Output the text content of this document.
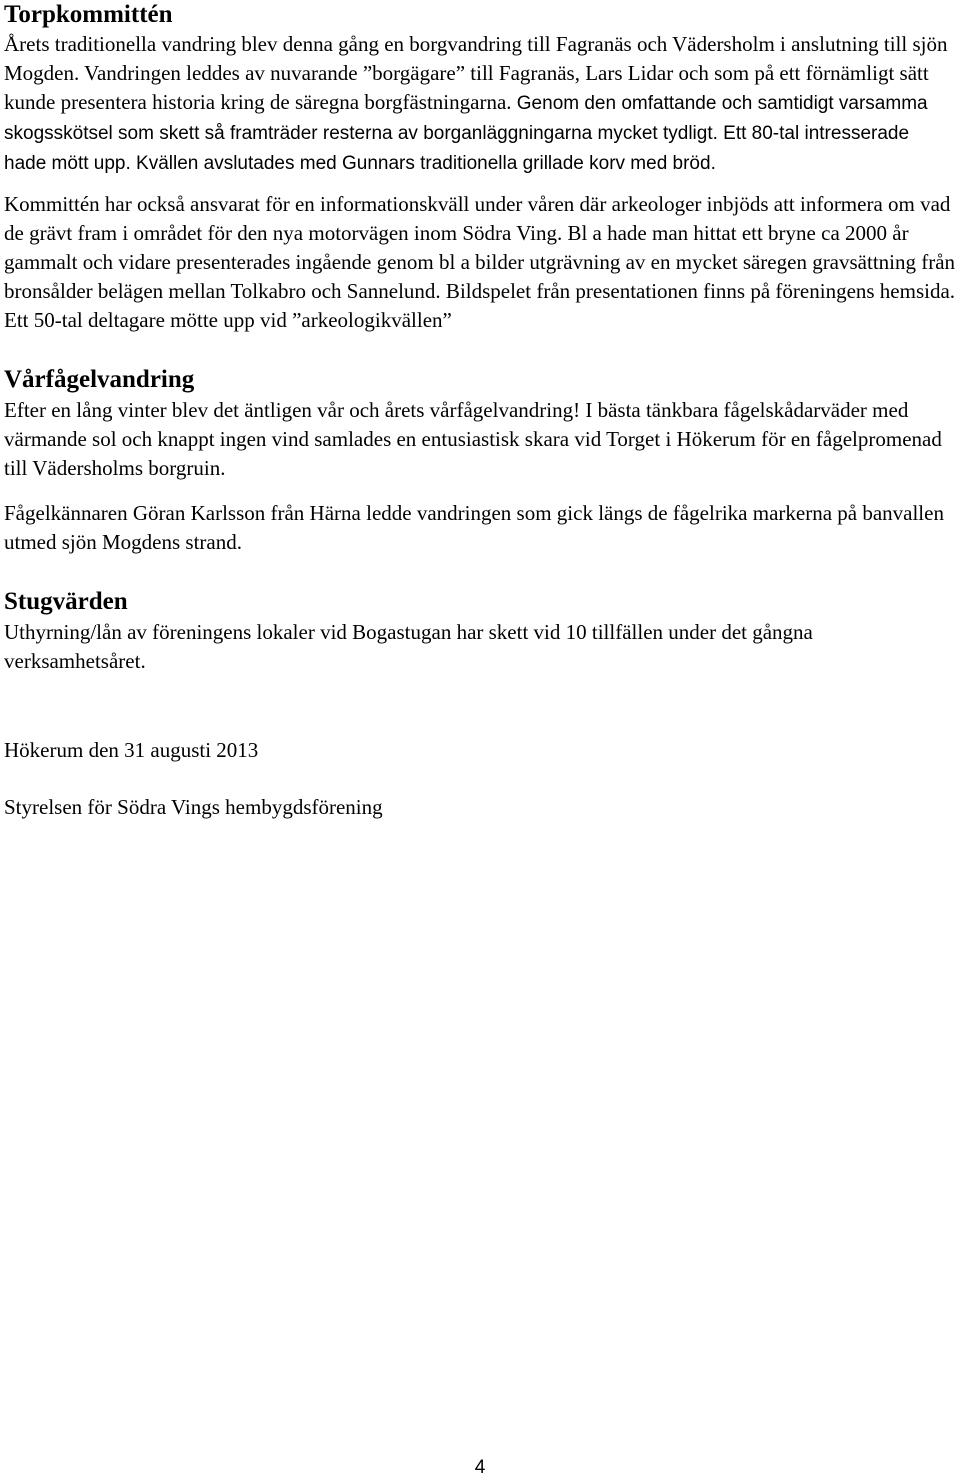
Torpkommittén

Årets traditionella vandring blev denna gång en borgvandring till Fagranäs och Vädersholm i anslutning till sjön Mogden. Vandringen leddes av nuvarande ”borgägare” till Fagranäs, Lars Lidar och som på ett förnämligt sätt kunde presentera historia kring de säregna borgfästningarna. Genom den omfattande och samtidigt varsamma skogsskötsel som skett så framträder resterna av borganläggningarna mycket tydligt. Ett 80-tal intresserade hade mött upp. Kvällen avslutades med Gunnars traditionella grillade korv med bröd.

Kommittén har också ansvarat för en informationskväll under våren där arkeologer inbjöds att informera om vad de grävt fram i området för den nya motorvägen inom Södra Ving. Bl a hade man hittat ett bryne ca 2000 år gammalt och vidare presenterades ingående genom bl a bilder utgrävning av en mycket säregen gravsättning från bronsålder belägen mellan Tolkabro och Sannelund. Bildspelet från presentationen finns på föreningens hemsida. Ett 50-tal deltagare mötte upp vid ”arkeologikvällen”

Vårfågelvandring

Efter en lång vinter blev det äntligen vår och årets vårfågelvandring! I bästa tänkbara fågelskådarväder med värmande sol och knappt ingen vind samlades en entusiastisk skara vid Torget i Hökerum för en fågelpromenad till Vädersholms borgruin.

Fågelkännaren Göran Karlsson från Härna ledde vandringen som gick längs de fågelrika markerna på banvallen utmed sjön Mogdens strand.

Stugvärden

Uthyrning/lån av föreningens lokaler vid Bogastugan har skett vid 10 tillfällen under det gångna verksamhetsåret.

Hökerum den 31 augusti 2013

Styrelsen för Södra Vings hembygdsförening

4
